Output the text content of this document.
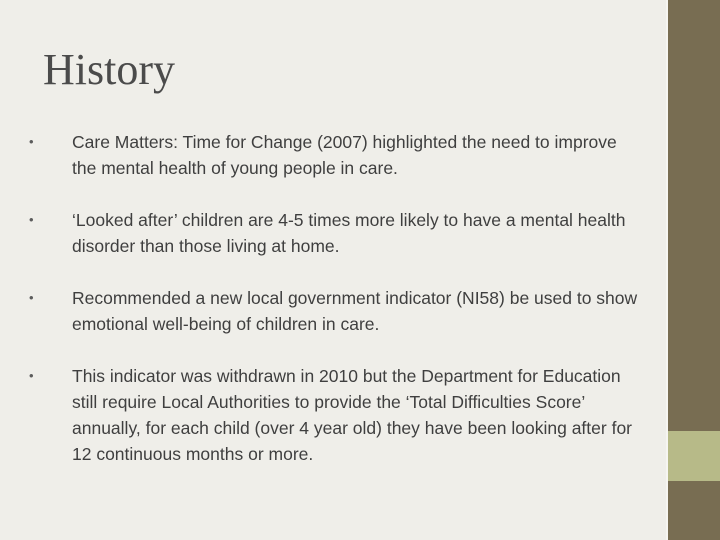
History
• Care Matters: Time for Change (2007) highlighted the need to improve the mental health of young people in care.
• ‘Looked after’ children are 4-5 times more likely to have a mental health disorder than those living at home.
• Recommended a new local government indicator (NI58) be used to show emotional well-being of children in care.
• This indicator was withdrawn in 2010 but the Department for Education still require Local Authorities to provide the ‘Total Difficulties Score’ annually, for each child (over 4 year old) they have been looking after for 12 continuous months or more.
